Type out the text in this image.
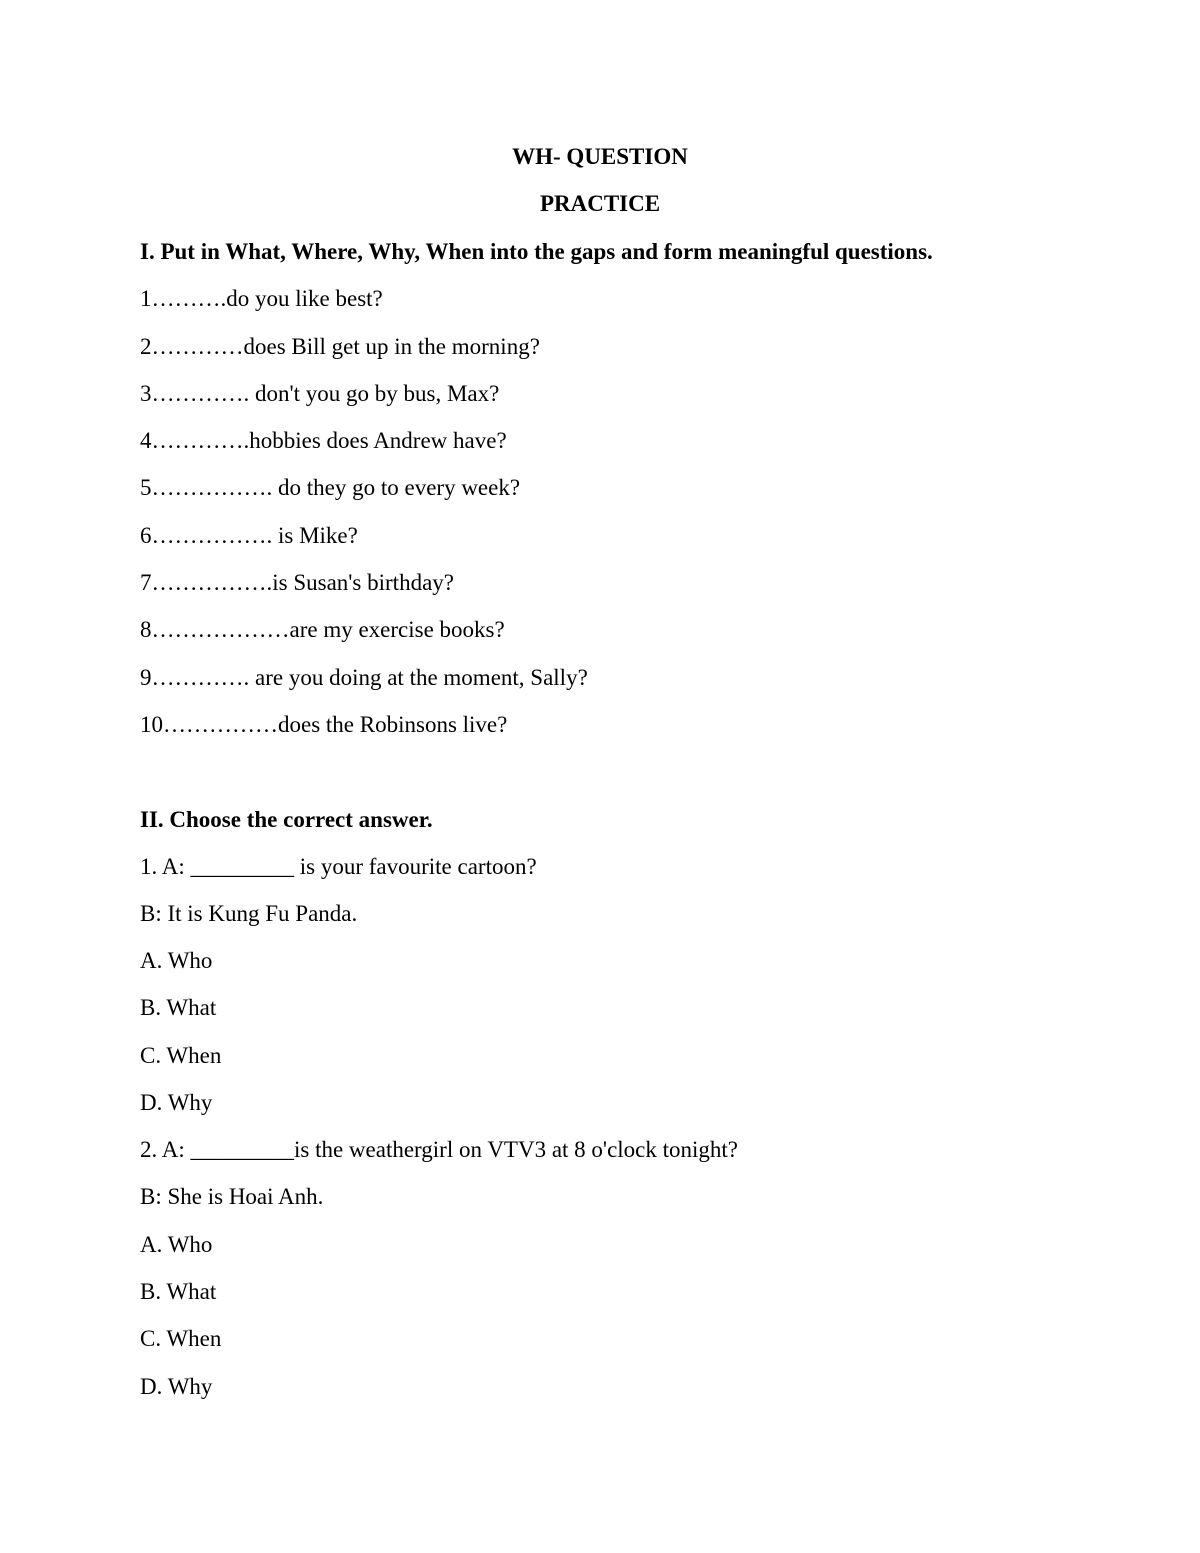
WH- QUESTION
PRACTICE
I. Put in What, Where, Why, When into the gaps and form meaningful questions.
1……….do you like best?
2…………does Bill get up in the morning?
3…………. don't you go by bus, Max?
4………….hobbies does Andrew have?
5……………. do they go to every week?
6……………. is Mike?
7…………….is Susan's birthday?
8………………are my exercise books?
9…………. are you doing at the moment, Sally?
10……………does the Robinsons live?
II. Choose the correct answer.
1. A: _________ is your favourite cartoon?
B: It is Kung Fu Panda.
A. Who
B. What
C. When
D. Why
2. A: _________is the weathergirl on VTV3 at 8 o'clock tonight?
B: She is Hoai Anh.
A. Who
B. What
C. When
D. Why
